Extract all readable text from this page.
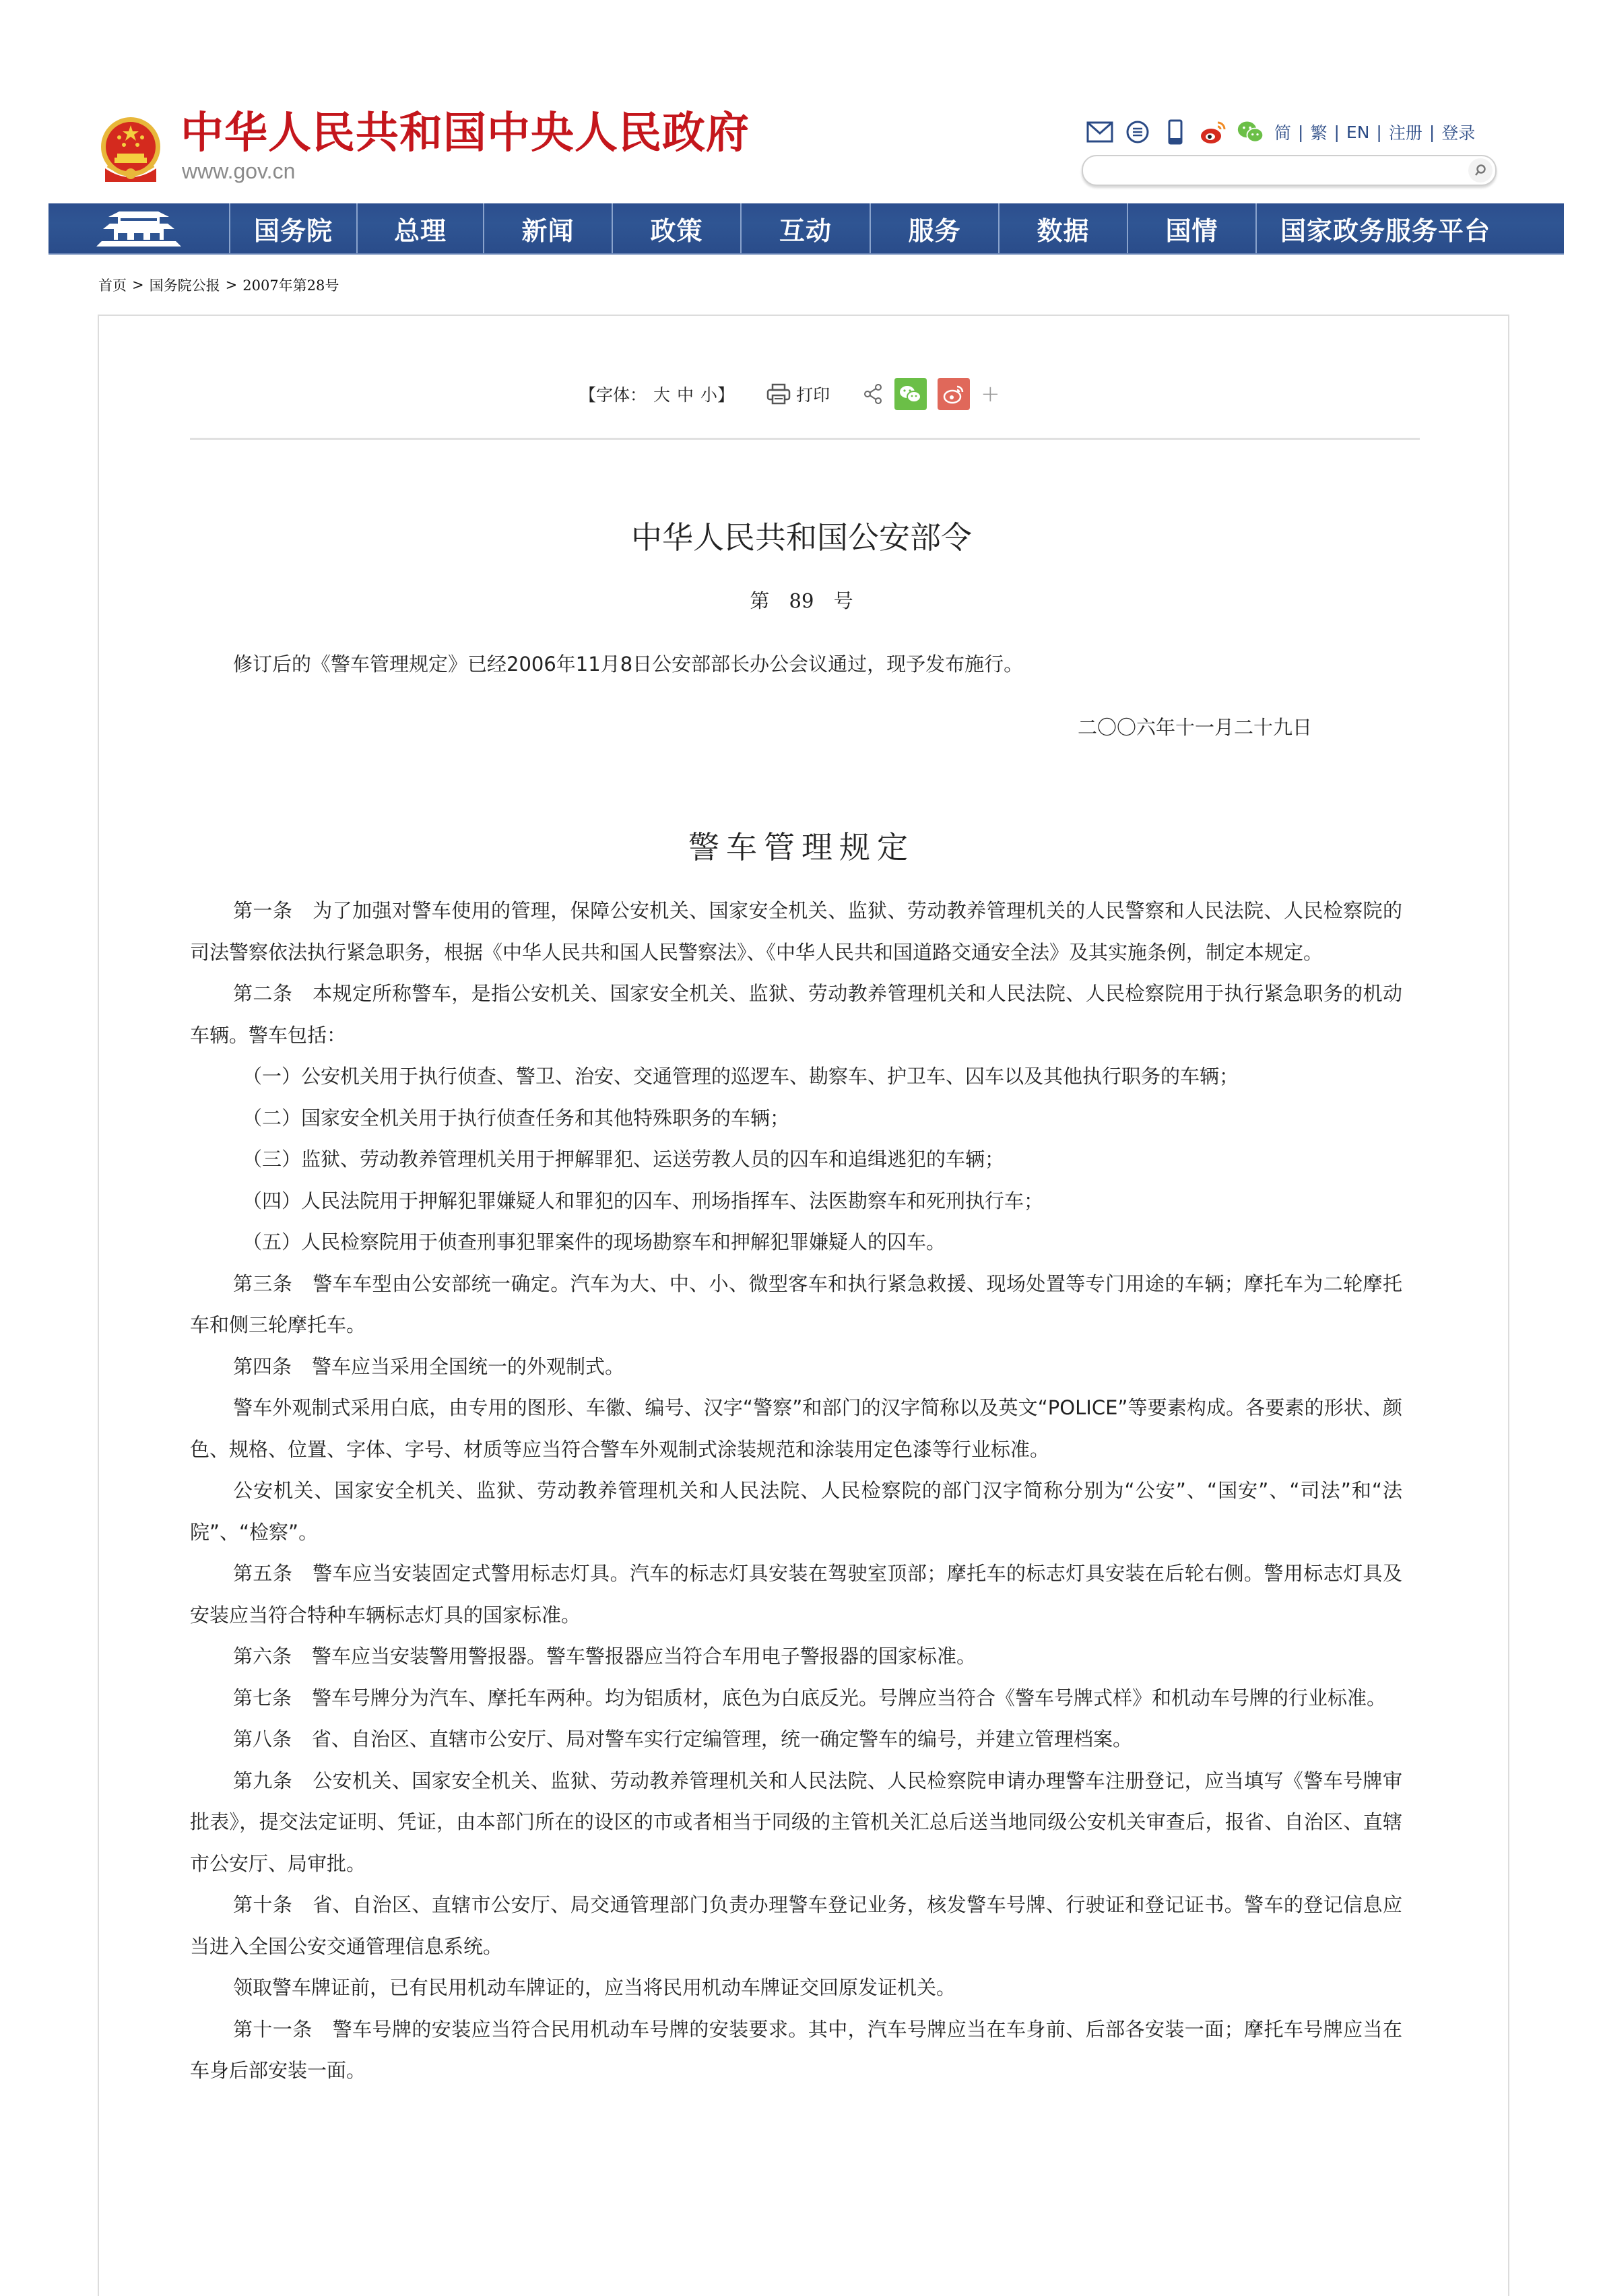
中华人民共和国中央人民政府
www.gov.cn
简 | 繁 | EN | 注册 | 登录
国务院	总理	新闻	政策	互动	服务	数据	国情	国家政务服务平台
首页 > 国务院公报 > 2007年第28号
【字体： 大 中 小 】	打印	+
中华人民共和国公安部令
第 89 号
修订后的《警车管理规定》已经2006年11月8日公安部部长办公会议通过，现予发布施行。
二〇〇六年十一月二十九日
警车管理规定

第一条 为了加强对警车使用的管理，保障公安机关、国家安全机关、监狱、劳动教养管理机关的人民警察和人民法院、人民检察院的司法警察依法执行紧急职务，根据《中华人民共和国人民警察法》、《中华人民共和国道路交通安全法》及其实施条例，制定本规定。

第二条 本规定所称警车，是指公安机关、国家安全机关、监狱、劳动教养管理机关和人民法院、人民检察院用于执行紧急职务的机动车辆。警车包括：

（一）公安机关用于执行侦查、警卫、治安、交通管理的巡逻车、勘察车、护卫车、囚车以及其他执行职务的车辆；

（二）国家安全机关用于执行侦查任务和其他特殊职务的车辆；

（三）监狱、劳动教养管理机关用于押解罪犯、运送劳教人员的囚车和追缉逃犯的车辆；

（四）人民法院用于押解犯罪嫌疑人和罪犯的囚车、刑场指挥车、法医勘察车和死刑执行车；

（五）人民检察院用于侦查刑事犯罪案件的现场勘察车和押解犯罪嫌疑人的囚车。

第三条 警车车型由公安部统一确定。汽车为大、中、小、微型客车和执行紧急救援、现场处置等专门用途的车辆；摩托车为二轮摩托车和侧三轮摩托车。

第四条 警车应当采用全国统一的外观制式。

警车外观制式采用白底，由专用的图形、车徽、编号、汉字“警察”和部门的汉字简称以及英文“POLICE”等要素构成。各要素的形状、颜色、规格、位置、字体、字号、材质等应当符合警车外观制式涂装规范和涂装用定色漆等行业标准。

公安机关、国家安全机关、监狱、劳动教养管理机关和人民法院、人民检察院的部门汉字简称分别为“公安”、“国安”、“司法”和“法院”、“检察”。

第五条 警车应当安装固定式警用标志灯具。汽车的标志灯具安装在驾驶室顶部；摩托车的标志灯具安装在后轮右侧。警用标志灯具及安装应当符合特种车辆标志灯具的国家标准。

第六条 警车应当安装警用警报器。警车警报器应当符合车用电子警报器的国家标准。

第七条 警车号牌分为汽车、摩托车两种。均为铝质材，底色为白底反光。号牌应当符合《警车号牌式样》和机动车号牌的行业标准。

第八条 省、自治区、直辖市公安厅、局对警车实行定编管理，统一确定警车的编号，并建立管理档案。

第九条 公安机关、国家安全机关、监狱、劳动教养管理机关和人民法院、人民检察院申请办理警车注册登记，应当填写《警车号牌审批表》，提交法定证明、凭证，由本部门所在的设区的市或者相当于同级的主管机关汇总后送当地同级公安机关审查后，报省、自治区、直辖市公安厅、局审批。

第十条 省、自治区、直辖市公安厅、局交通管理部门负责办理警车登记业务，核发警车号牌、行驶证和登记证书。警车的登记信息应当进入全国公安交通管理信息系统。

领取警车牌证前，已有民用机动车牌证的，应当将民用机动车牌证交回原发证机关。

第十一条 警车号牌的安装应当符合民用机动车号牌的安装要求。其中，汽车号牌应当在车身前、后部各安装一面；摩托车号牌应当在车身后部安装一面。
